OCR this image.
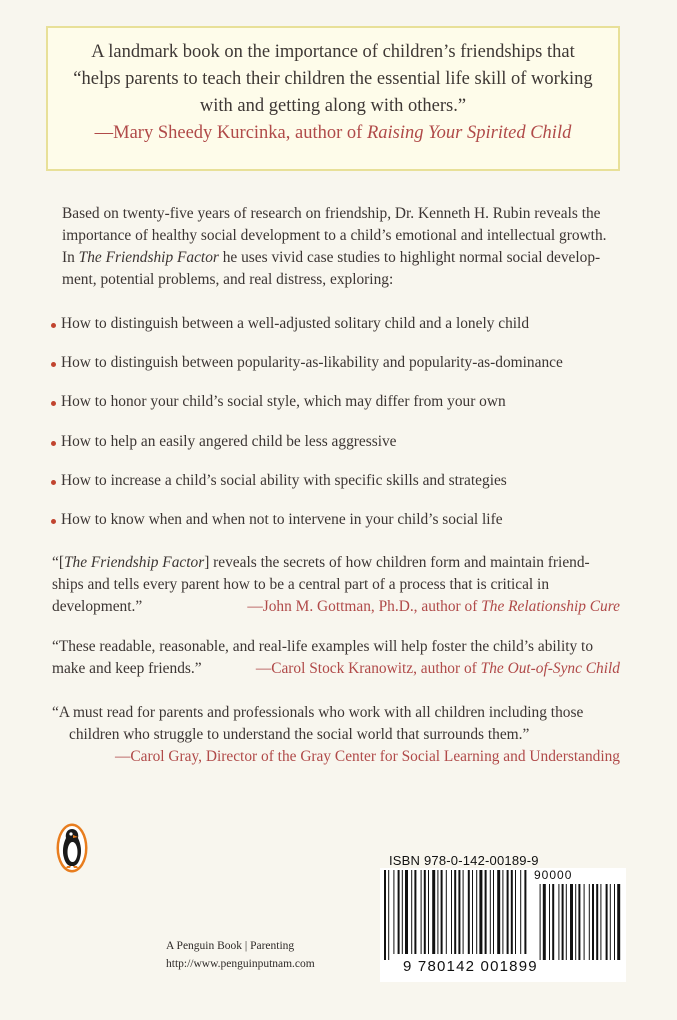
A landmark book on the importance of children’s friendships that
“helps parents to teach their children the essential life skill of working
with and getting along with others.”
—Mary Sheedy Kurcinka, author of Raising Your Spirited Child
Based on twenty-five years of research on friendship, Dr. Kenneth H. Rubin reveals the
importance of healthy social development to a child’s emotional and intellectual growth.
In The Friendship Factor he uses vivid case studies to highlight normal social develop-
ment, potential problems, and real distress, exploring:
How to distinguish between a well-adjusted solitary child and a lonely child
How to distinguish between popularity-as-likability and popularity-as-dominance
How to honor your child’s social style, which may differ from your own
How to help an easily angered child be less aggressive
How to increase a child’s social ability with specific skills and strategies
How to know when and when not to intervene in your child’s social life
“[The Friendship Factor] reveals the secrets of how children form and maintain friend-
ships and tells every parent how to be a central part of a process that is critical in
development.”	—John M. Gottman, Ph.D., author of The Relationship Cure
“These readable, reasonable, and real-life examples will help foster the child’s ability to
make and keep friends.”	—Carol Stock Kranowitz, author of The Out-of-Sync Child
“A must read for parents and professionals who work with all children including those
children who struggle to understand the social world that surrounds them.”
—Carol Gray, Director of the Gray Center for Social Learning and Understanding
A Penguin Book | Parenting
http://www.penguinputnam.com
ISBN 978-0-142-00189-9
90000
9 780142 001899
